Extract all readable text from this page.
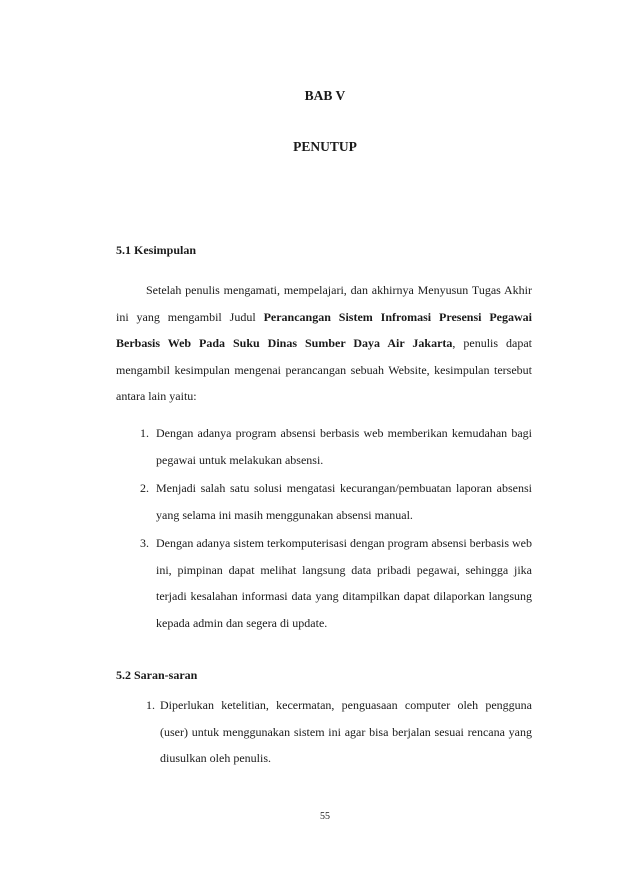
BAB V
PENUTUP
5.1 Kesimpulan

Setelah penulis mengamati, mempelajari, dan akhirnya Menyusun Tugas Akhir ini yang mengambil Judul Perancangan Sistem Infromasi Presensi Pegawai Berbasis Web Pada Suku Dinas Sumber Daya Air Jakarta, penulis dapat mengambil kesimpulan mengenai perancangan sebuah Website, kesimpulan tersebut antara lain yaitu:

1. Dengan adanya program absensi berbasis web memberikan kemudahan bagi pegawai untuk melakukan absensi.
2. Menjadi salah satu solusi mengatasi kecurangan/pembuatan laporan absensi yang selama ini masih menggunakan absensi manual.
3. Dengan adanya sistem terkomputerisasi dengan program absensi berbasis web ini, pimpinan dapat melihat langsung data pribadi pegawai, sehingga jika terjadi kesalahan informasi data yang ditampilkan dapat dilaporkan langsung kepada admin dan segera di update.
5.2 Saran-saran
1. Diperlukan ketelitian, kecermatan, penguasaan computer oleh pengguna (user) untuk menggunakan sistem ini agar bisa berjalan sesuai rencana yang diusulkan oleh penulis.
55
